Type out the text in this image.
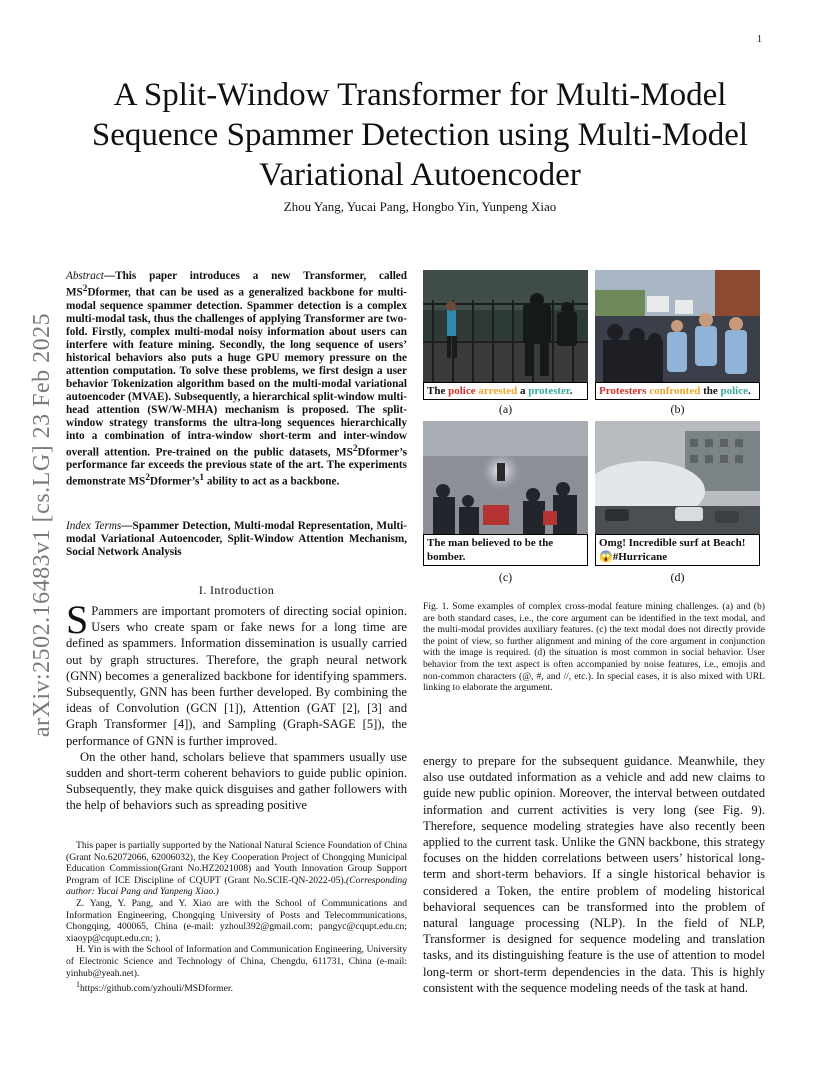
1
arXiv:2502.16483v1 [cs.LG] 23 Feb 2025
A Split-Window Transformer for Multi-Model Sequence Spammer Detection using Multi-Model Variational Autoencoder
Zhou Yang, Yucai Pang, Hongbo Yin, Yunpeng Xiao
Abstract—This paper introduces a new Transformer, called $MS^2Dformer$, that can be used as a generalized backbone for multi-modal sequence spammer detection. Spammer detection is a complex multi-modal task, thus the challenges of applying Transformer are two-fold. Firstly, complex multi-modal noisy information about users can interfere with feature mining. Secondly, the long sequence of users’ historical behaviors also puts a huge GPU memory pressure on the attention computation. To solve these problems, we first design a user behavior Tokenization algorithm based on the multi-modal variational autoencoder (MVAE). Subsequently, a hierarchical split-window multi-head attention (SW/W-MHA) mechanism is proposed. The split-window strategy transforms the ultra-long sequences hierarchically into a combination of intra-window short-term and inter-window overall attention. Pre-trained on the public datasets, $MS^2Dformer’s$ performance far exceeds the previous state of the art. The experiments demonstrate $MS^2Dformer’s^1$ ability to act as a backbone.
Index Terms—Spammer Detection, Multi-modal Representation, Multi-modal Variational Autoencoder, Split-Window Attention Mechanism, Social Network Analysis
I. Introduction

S Pammers are important promoters of directing social opinion. Users who create spam or fake news for a long time are defined as spammers. Information dissemination is usually carried out by graph structures. Therefore, the graph neural network (GNN) becomes a generalized backbone for identifying spammers. Subsequently, GNN has been further developed. By combining the ideas of Convolution (GCN [1]), Attention (GAT [2], [3] and Graph Transformer [4]), and Sampling (Graph-SAGE [5]), the performance of GNN is further improved.

On the other hand, scholars believe that spammers usually use sudden and short-term coherent behaviors to guide public opinion. Subsequently, they make quick disguises and gather followers with the help of behaviors such as spreading positive

This paper is partially supported by the National Natural Science Foundation of China (Grant No.62072066, 62006032), the Key Cooperation Project of Chongqing Municipal Education Commission(Grant No.HZ2021008) and Youth Innovation Group Support Program of ICE Discipline of CQUPT (Grant No.SCIE-QN-2022-05).(Corresponding author: Yucai Pang and Yanpeng Xiao.)

Z. Yang, Y. Pang, and Y. Xiao are with the School of Communications and Information Engineering, Chongqing University of Posts and Telecommunications, Chongqing, 400065, China (e-mail: yzhoul392@gmail.com; pangyc@cqupt.edu.cn; xiaoyp@cqupt.edu.cn; ).

H. Yin is with the School of Information and Communication Engineering, University of Electronic Science and Technology of China, Chengdu, 611731, China (e-mail: yinhub@yeah.net).

$^1$https://github.com/yzhouli/MSDformer.

The police arrested a protester.
(a)
Protesters confronted the police.
(b)
The man believed to be the bomber.
(c)
Omg! Incredible surf at Beach! 😱#Hurricane
(d)
Fig. 1. Some examples of complex cross-modal feature mining challenges. (a) and (b) are both standard cases, i.e., the core argument can be identified in the text modal, and the multi-modal provides auxiliary features. (c) the text modal does not directly provide the point of view, so further alignment and mining of the core argument in conjunction with the image is required. (d) the situation is most common in social behavior. User behavior from the text aspect is often accompanied by noise features, i.e., emojis and non-common characters (@, #, and //, etc.). In special cases, it is also mixed with URL linking to elaborate the argument.

energy to prepare for the subsequent guidance. Meanwhile, they also use outdated information as a vehicle and add new claims to guide new public opinion. Moreover, the interval between outdated information and current activities is very long (see Fig. 9). Therefore, sequence modeling strategies have also recently been applied to the current task. Unlike the GNN backbone, this strategy focuses on the hidden correlations between users’ historical long-term and short-term behaviors. If a single historical behavior is considered a Token, the entire problem of modeling historical behavioral sequences can be transformed into the problem of natural language processing (NLP). In the field of NLP, Transformer is designed for sequence modeling and translation tasks, and its distinguishing feature is the use of attention to model long-term or short-term dependencies in the data. This is highly consistent with the sequence modeling needs of the task at hand.
